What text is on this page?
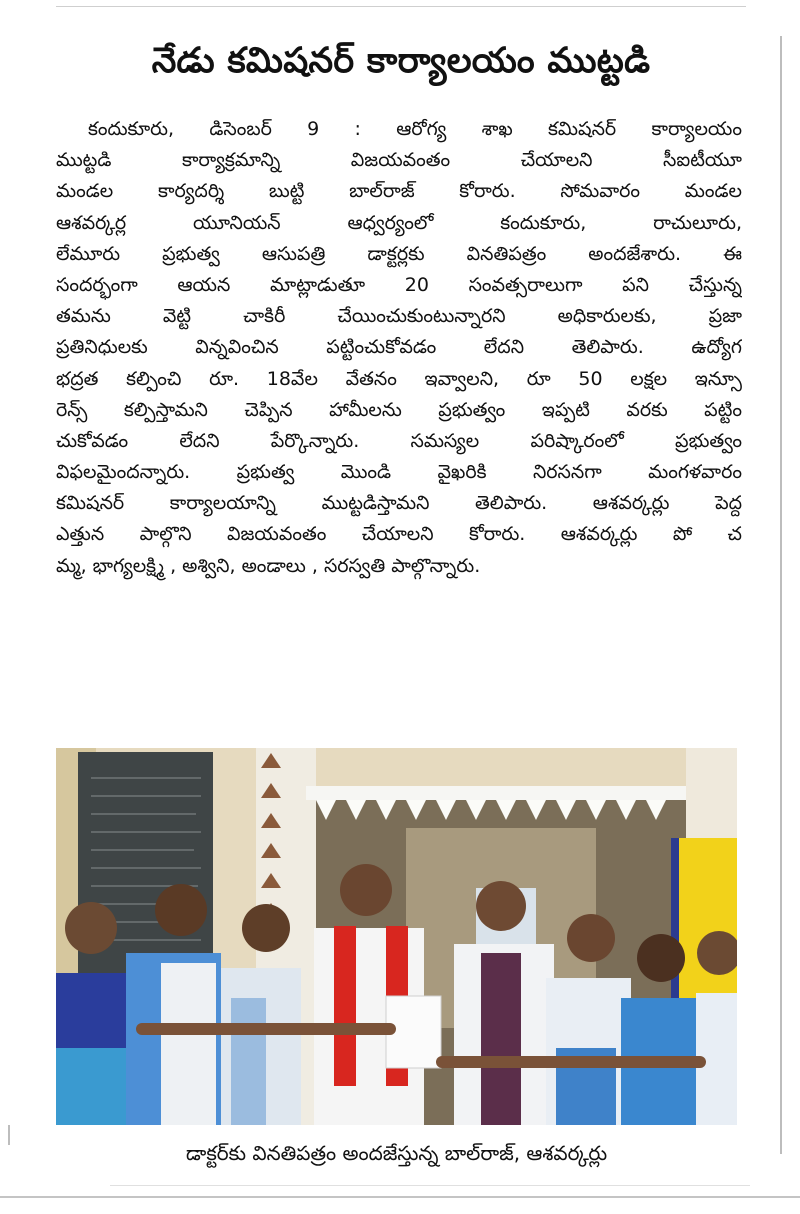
నేడు కమిషనర్ కార్యాలయం ముట్టడి
కందుకూరు, డిసెంబర్ 9 : ఆరోగ్య శాఖ కమిషనర్ కార్యాలయం
ముట్టడి కార్యాక్రమాన్ని విజయవంతం చేయాలని సీఐటీయూ
మండల కార్యదర్శి బుట్టి బాల్‌రాజ్ కోరారు. సోమవారం మండల
ఆశవర్కర్ల యూనియన్ ఆధ్వర్యంలో కందుకూరు, రాచులూరు,
లేమూరు ప్రభుత్వ ఆసుపత్రి డాక్టర్లకు వినతిపత్రం అందజేశారు. ఈ
సందర్భంగా ఆయన మాట్లాడుతూ 20 సంవత్సరాలుగా పని చేస్తున్న
తమను వెట్టి చాకిరీ చేయించుకుంటున్నారని అధికారులకు, ప్రజా
ప్రతినిధులకు విన్నవించిన పట్టించుకోవడం లేదని తెలిపారు. ఉద్యోగ
భద్రత కల్పించి రూ. 18వేల వేతనం ఇవ్వాలని, రూ 50 లక్షల ఇన్సూ
రెన్స్ కల్పిస్తామని చెప్పిన హామీలను ప్రభుత్వం ఇప్పటి వరకు పట్టిం
చుకోవడం లేదని పేర్కొన్నారు. సమస్యల పరిష్కారంలో ప్రభుత్వం
విఫలమైందన్నారు. ప్రభుత్వ మొండి వైఖరికి నిరసనగా మంగళవారం
కమిషనర్ కార్యాలయాన్ని ముట్టడిస్తామని తెలిపారు. ఆశవర్కర్లు పెద్ద
ఎత్తున పాల్గొని విజయవంతం చేయాలని కోరారు. ఆశవర్కర్లు పో చ
మ్మ, భాగ్యలక్ష్మి , అశ్విని, అండాలు , సరస్వతి పాల్గొన్నారు.
డాక్టర్‌కు వినతిపత్రం అందజేస్తున్న బాల్‌రాజ్, ఆశవర్కర్లు
